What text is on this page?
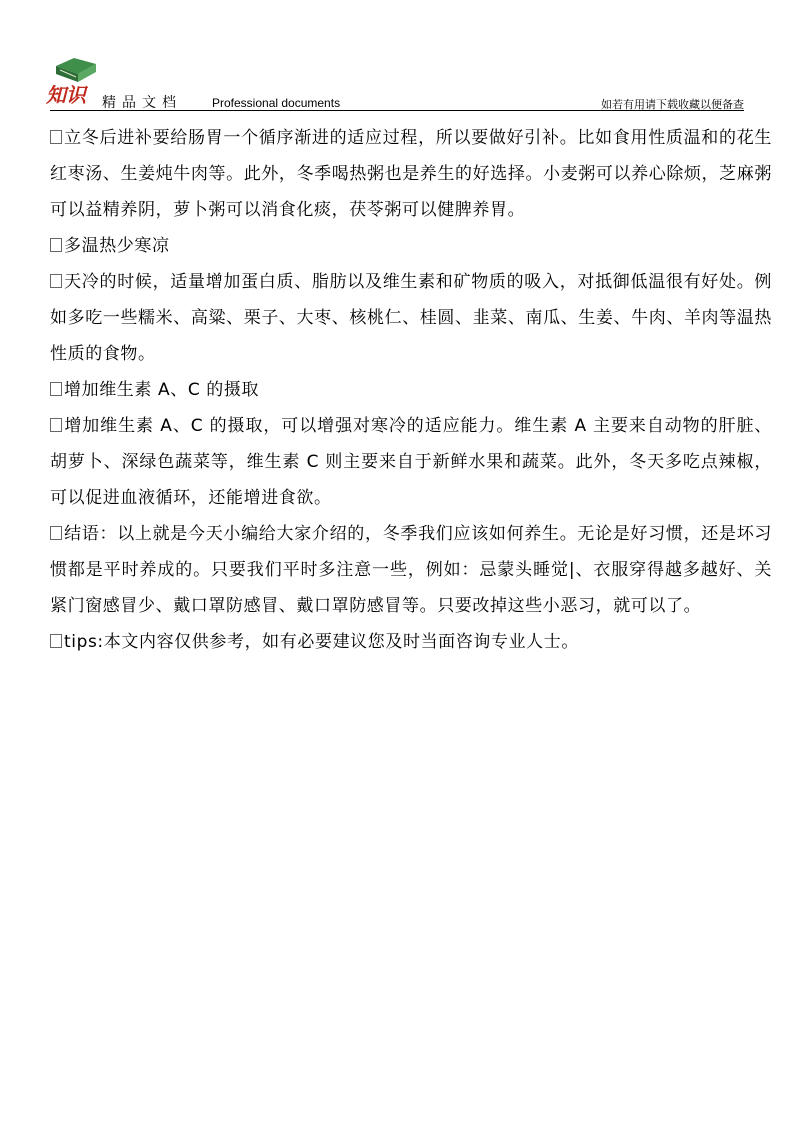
知识 精品文档	Professional documents	如若有用请下载收藏以便备查

立冬后进补要给肠胃一个循序渐进的适应过程，所以要做好引补。比如食用性质温和的花生红枣汤、生姜炖牛肉等。此外，冬季喝热粥也是养生的好选择。小麦粥可以养心除烦，芝麻粥可以益精养阴，萝卜粥可以消食化痰，茯苓粥可以健脾养胃。

多温热少寒凉

天冷的时候，适量增加蛋白质、脂肪以及维生素和矿物质的吸入，对抵御低温很有好处。例如多吃一些糯米、高粱、栗子、大枣、核桃仁、桂圆、韭菜、南瓜、生姜、牛肉、羊肉等温热性质的食物。

增加维生素 A、C 的摄取

增加维生素 A、C 的摄取，可以增强对寒冷的适应能力。维生素 A 主要来自动物的肝脏、胡萝卜、深绿色蔬菜等，维生素 C 则主要来自于新鲜水果和蔬菜。此外，冬天多吃点辣椒，可以促进血液循环，还能增进食欲。

结语：以上就是今天小编给大家介绍的，冬季我们应该如何养生。无论是好习惯，还是坏习惯都是平时养成的。只要我们平时多注意一些，例如：忌蒙头睡觉|、衣服穿得越多越好、关紧门窗感冒少、戴口罩防感冒、戴口罩防感冒等。只要改掉这些小恶习，就可以了。

tips:本文内容仅供参考，如有必要建议您及时当面咨询专业人士。
